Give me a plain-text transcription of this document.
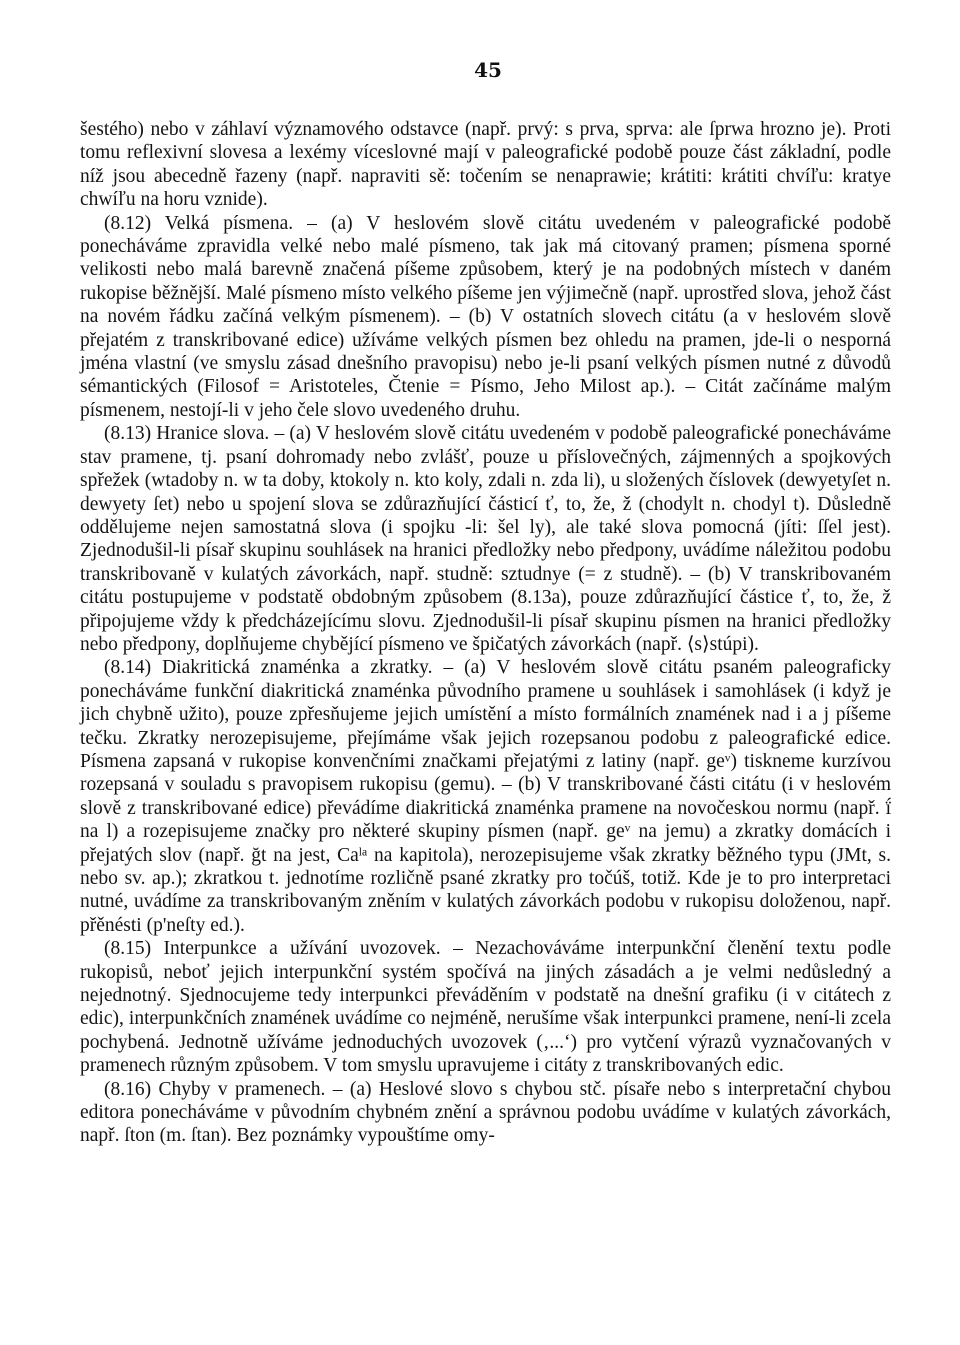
45

šestého) nebo v záhlaví významového odstavce (např. prvý: s prva, sprva: ale ſprwa hrozno je). Proti tomu reflexivní slovesa a lexémy víceslovné mají v paleografické podobě pouze část základní, podle níž jsou abecedně řazeny (např. napraviti sě: točením se nenaprawie; krátiti: krátiti chvíľu: kratye chwíľu na horu vznide).

(8.12) Velká písmena. – (a) V heslovém slově citátu uvedeném v paleografické podobě ponecháváme zpravidla velké nebo malé písmeno, tak jak má citovaný pramen; písmena sporné velikosti nebo malá barevně značená píšeme způsobem, který je na podobných místech v daném rukopise běžnější. Malé písmeno místo velkého píšeme jen výjimečně (např. uprostřed slova, jehož část na novém řádku začíná velkým písmenem). – (b) V ostatních slovech citátu (a v heslovém slově přejatém z transkribované edice) užíváme velkých písmen bez ohledu na pramen, jde-li o nesporná jména vlastní (ve smyslu zásad dnešního pravopisu) nebo je-li psaní velkých písmen nutné z důvodů sémantických (Filosof = Aristoteles, Čtenie = Písmo, Jeho Milost ap.). – Citát začínáme malým písmenem, nestojí-li v jeho čele slovo uvedeného druhu.

(8.13) Hranice slova. – (a) V heslovém slově citátu uvedeném v podobě paleografické ponecháváme stav pramene, tj. psaní dohromady nebo zvlášť, pouze u příslovečných, zájmenných a spojkových spřežek (wtadoby n. w ta doby, ktokoly n. kto koly, zdali n. zda li), u složených číslovek (dewyetyſet n. dewyety ſet) nebo u spojení slova se zdůrazňující částicí ť, to, že, ž (chodylt n. chodyl t). Důsledně oddělujeme nejen samostatná slova (i spojku -li: šel ly), ale také slova pomocná (jíti: ſſel jest). Zjednodušil-li písař skupinu souhlásek na hranici předložky nebo předpony, uvádíme náležitou podobu transkribovaně v kulatých závorkách, např. studně: sztudnye (= z studně). – (b) V transkribovaném citátu postupujeme v podstatě obdobným způsobem (8.13a), pouze zdůrazňující částice ť, to, že, ž připojujeme vždy k předcházejícímu slovu. Zjednodušil-li písař skupinu písmen na hranici předložky nebo předpony, doplňujeme chybějící písmeno ve špičatých závorkách (např. ⟨s⟩stúpi).

(8.14) Diakritická znaménka a zkratky. – (a) V heslovém slově citátu psaném paleograficky ponecháváme funkční diakritická znaménka původního pramene u souhlásek i samohlásek (i když je jich chybně užito), pouze zpřesňujeme jejich umístění a místo formálních znamének nad i a j píšeme tečku. Zkratky nerozepisujeme, přejímáme však jejich rozepsanou podobu z paleografické edice. Písmena zapsaná v rukopise konvenčními značkami přejatými z latiny (např. geᵛ) tiskneme kurzívou rozepsaná v souladu s pravopisem rukopisu (gemu). – (b) V transkribované části citátu (i v heslovém slově z transkribované edice) převádíme diakritická znaménka pramene na novočeskou normu (např. ḯ na l) a rozepisujeme značky pro některé skupiny písmen (např. geᵛ na jemu) a zkratky domácích i přejatých slov (např. ğt na jest, Caˡᵃ na kapitola), nerozepisujeme však zkratky běžného typu (JMt, s. nebo sv. ap.); zkratkou t. jednotíme rozličně psané zkratky pro točúš, totiž. Kde je to pro interpretaci nutné, uvádíme za transkribovaným zněním v kulatých závorkách podobu v rukopisu doloženou, např. přěnésti (p'neſty ed.).

(8.15) Interpunkce a užívání uvozovek. – Nezachováváme interpunkční členění textu podle rukopisů, neboť jejich interpunkční systém spočívá na jiných zásadách a je velmi nedůsledný a nejednotný. Sjednocujeme tedy interpunkci převáděním v podstatě na dnešní grafiku (i v citátech z edic), interpunkčních znamének uvádíme co nejméně, nerušíme však interpunkci pramene, není-li zcela pochybená. Jednotně užíváme jednoduchých uvozovek (‚...‘) pro vytčení výrazů vyznačovaných v pramenech různým způsobem. V tom smyslu upravujeme i citáty z transkribovaných edic.

(8.16) Chyby v pramenech. – (a) Heslové slovo s chybou stč. písaře nebo s interpretační chybou editora ponecháváme v původním chybném znění a správnou podobu uvádíme v kulatých závorkách, např. ſton (m. ſtan). Bez poznámky vypouštíme omy-
